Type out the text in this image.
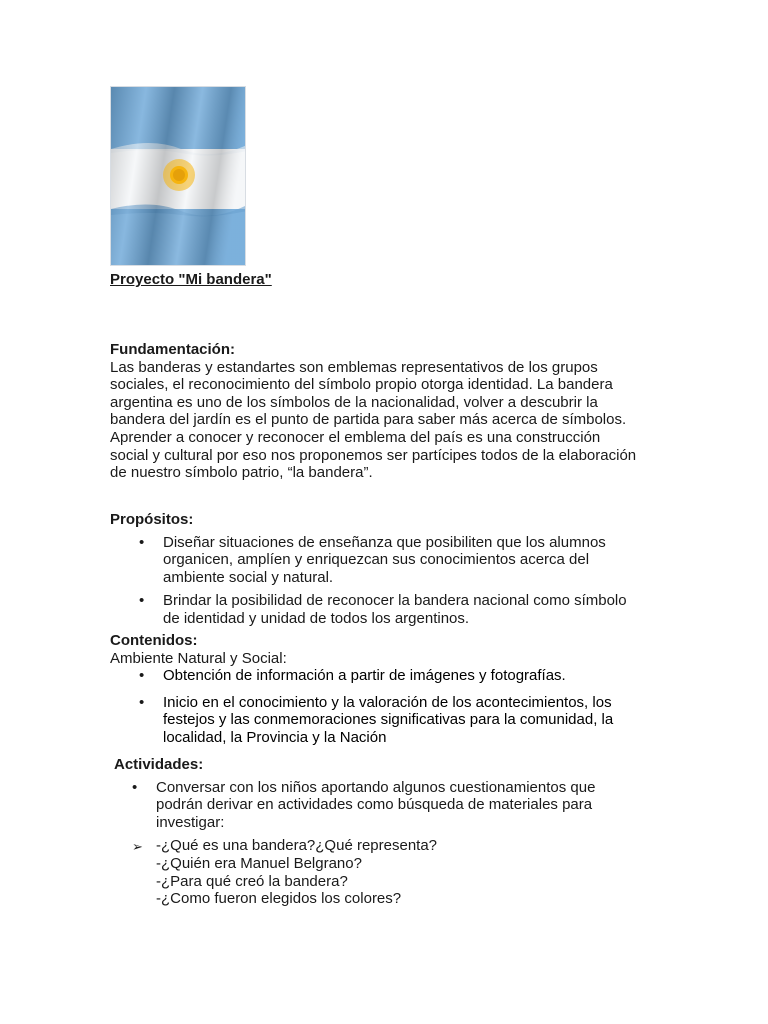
Proyecto "Mi bandera"

Fundamentación:

Las banderas y estandartes son emblemas representativos de los grupos
sociales, el reconocimiento del símbolo propio otorga identidad. La bandera
argentina es uno de los símbolos de la nacionalidad, volver a descubrir la
bandera del jardín es el punto de partida para saber más acerca de símbolos.
Aprender a conocer y reconocer el emblema del país es una construcción
social y cultural por eso nos proponemos ser partícipes todos de la elaboración
de nuestro símbolo patrio, “la bandera”.

Propósitos:

• Diseñar situaciones de enseñanza que posibiliten que los alumnos
organicen, amplíen y enriquezcan sus conocimientos acerca del
ambiente social y natural.
• Brindar la posibilidad de reconocer la bandera nacional como símbolo
de identidad y unidad de todos los argentinos.

Contenidos:

Ambiente Natural y Social:

• Obtención de información a partir de imágenes y fotografías.
• Inicio en el conocimiento y la valoración de los acontecimientos, los
festejos y las conmemoraciones significativas para la comunidad, la
localidad, la Provincia y la Nación

Actividades:

• Conversar con los niños aportando algunos cuestionamientos que
podrán derivar en actividades como búsqueda de materiales para
investigar:
➢ -¿Qué es una bandera?¿Qué representa?
-¿Quién era Manuel Belgrano?
-¿Para qué creó la bandera?
-¿Como fueron elegidos los colores?
